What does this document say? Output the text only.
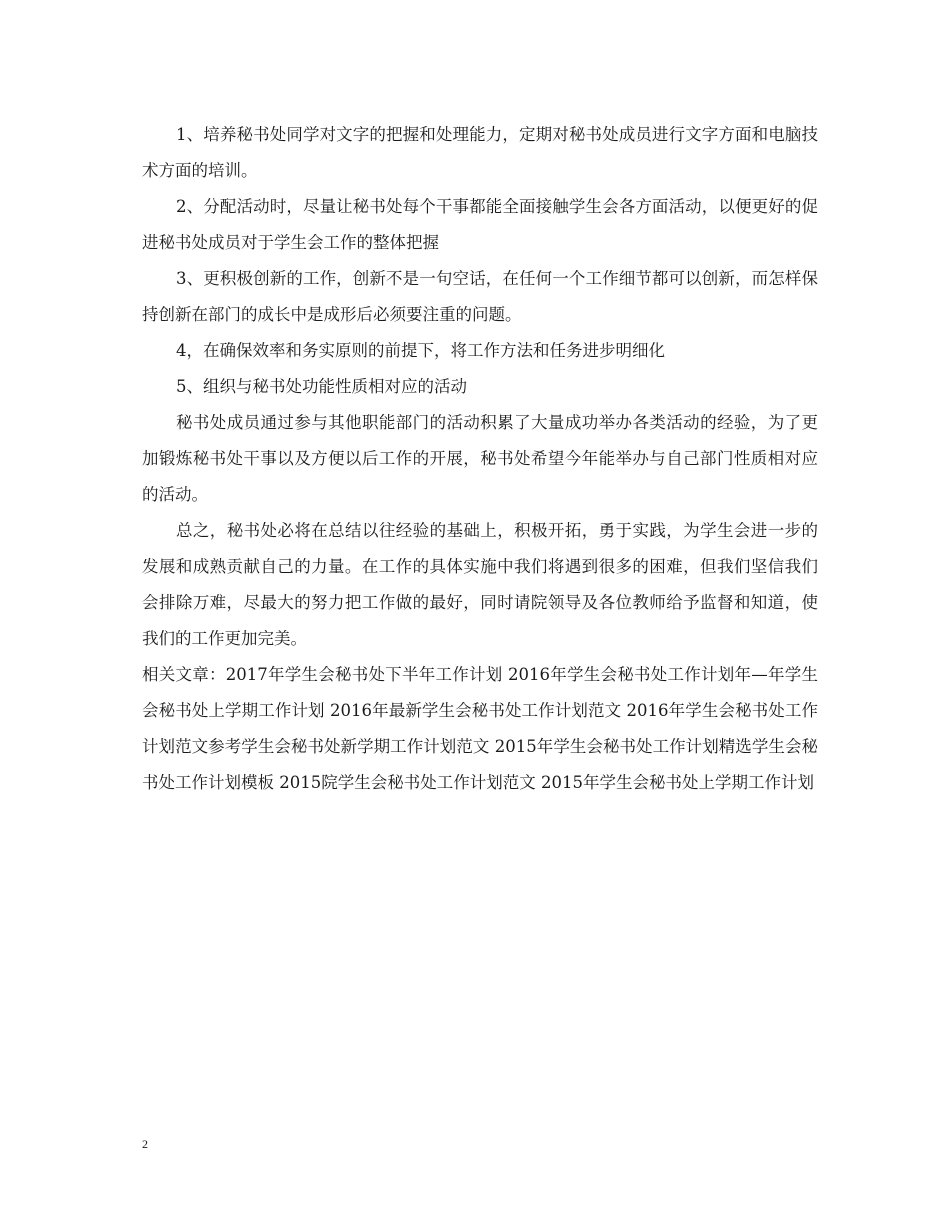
1、培养秘书处同学对文字的把握和处理能力，定期对秘书处成员进行文字方面和电脑技术方面的培训。

2、分配活动时，尽量让秘书处每个干事都能全面接触学生会各方面活动，以便更好的促进秘书处成员对于学生会工作的整体把握

3、更积极创新的工作，创新不是一句空话，在任何一个工作细节都可以创新，而怎样保持创新在部门的成长中是成形后必须要注重的问题。

4，在确保效率和务实原则的前提下，将工作方法和任务进步明细化

5、组织与秘书处功能性质相对应的活动

秘书处成员通过参与其他职能部门的活动积累了大量成功举办各类活动的经验，为了更加锻炼秘书处干事以及方便以后工作的开展，秘书处希望今年能举办与自己部门性质相对应的活动。

总之，秘书处必将在总结以往经验的基础上，积极开拓，勇于实践，为学生会进一步的发展和成熟贡献自己的力量。在工作的具体实施中我们将遇到很多的困难，但我们坚信我们会排除万难，尽最大的努力把工作做的最好，同时请院领导及各位教师给予监督和知道，使我们的工作更加完美。

相关文章：2017年学生会秘书处下半年工作计划 2016年学生会秘书处工作计划年—年学生会秘书处上学期工作计划 2016年最新学生会秘书处工作计划范文 2016年学生会秘书处工作计划范文参考学生会秘书处新学期工作计划范文 2015年学生会秘书处工作计划精选学生会秘书处工作计划模板 2015院学生会秘书处工作计划范文 2015年学生会秘书处上学期工作计划

2
